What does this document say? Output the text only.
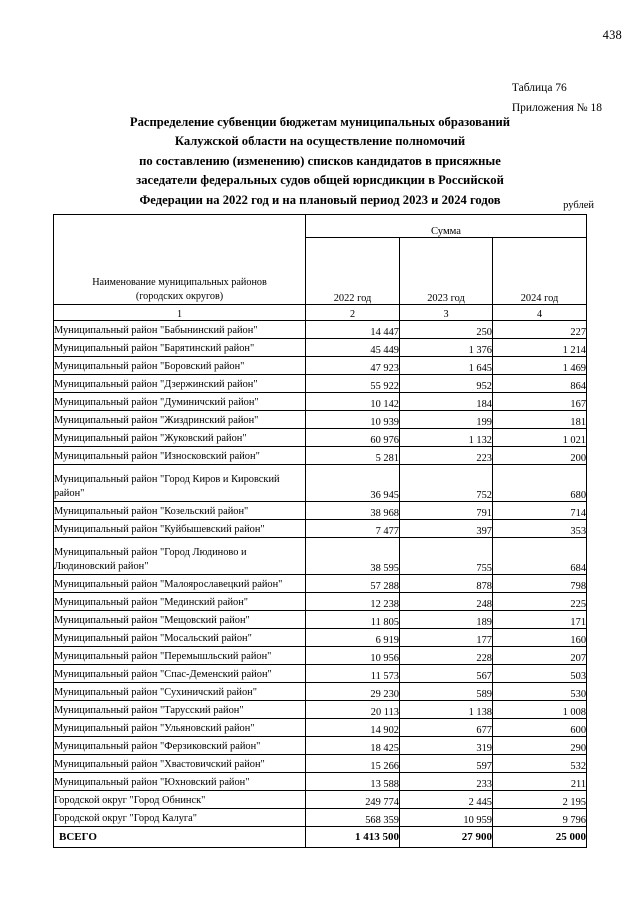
438
Таблица 76
Приложения № 18
Распределение субвенции бюджетам муниципальных образований
Калужской области на осуществление полномочий
по составлению (изменению) списков кандидатов в присяжные
заседатели федеральных судов общей юрисдикции в Российской
Федерации на 2022 год и на плановый период 2023 и 2024 годов	рублей
Наименование муниципальных районов
(городских округов)	Сумма		
	2022 год	2023 год	2024 год
1	2	3	4
Муниципальный район "Бабынинский район"	14 447	250	227
Муниципальный район "Барятинский район"	45 449	1 376	1 214
Муниципальный район "Боровский район"	47 923	1 645	1 469
Муниципальный район "Дзержинский район"	55 922	952	864
Муниципальный район "Думиничский район"	10 142	184	167
Муниципальный район "Жиздринский район"	10 939	199	181
Муниципальный район "Жуковский район"	60 976	1 132	1 021
Муниципальный район "Износковский район"	5 281	223	200
Муниципальный район "Город Киров и Кировский район"	36 945	752	680
Муниципальный район "Козельский район"	38 968	791	714
Муниципальный район "Куйбышевский район"	7 477	397	353
Муниципальный район "Город Людиново и Людиновский район"	38 595	755	684
Муниципальный район "Малоярославецкий район"	57 288	878	798
Муниципальный район "Мединский район"	12 238	248	225
Муниципальный район "Мещовский район"	11 805	189	171
Муниципальный район "Мосальский район"	6 919	177	160
Муниципальный район "Перемышльский район"	10 956	228	207
Муниципальный район "Спас-Деменский район"	11 573	567	503
Муниципальный район "Сухиничский район"	29 230	589	530
Муниципальный район "Тарусский район"	20 113	1 138	1 008
Муниципальный район "Ульяновский район"	14 902	677	600
Муниципальный район "Ферзиковский район"	18 425	319	290
Муниципальный район "Хвастовичский район"	15 266	597	532
Муниципальный район "Юхновский район"	13 588	233	211
Городской округ "Город Обнинск"	249 774	2 445	2 195
Городской округ "Город Калуга"	568 359	10 959	9 796
ВСЕГО	1 413 500	27 900	25 000
